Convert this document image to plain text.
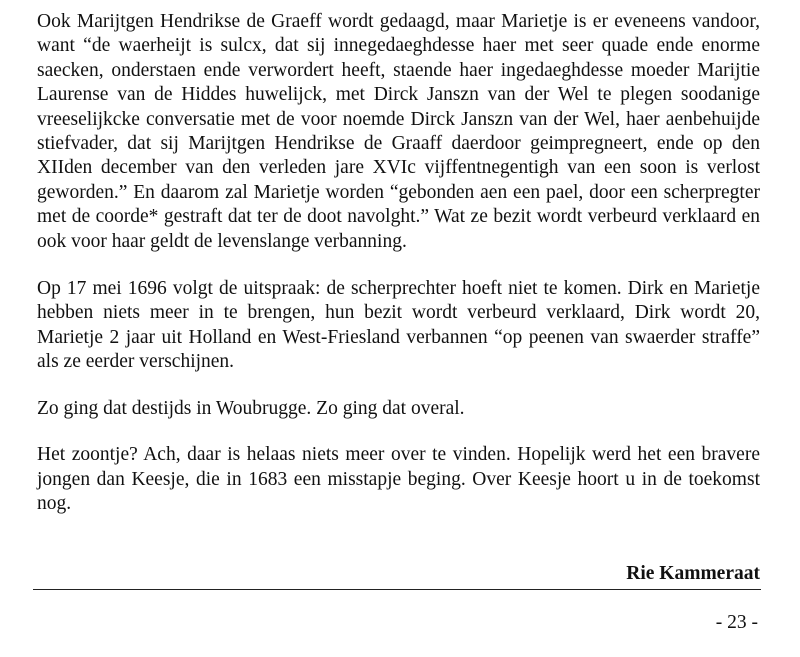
Ook Marijtgen Hendrikse de Graeff wordt gedaagd, maar Marietje is er eveneens vandoor, want “de waerheijt is sulcx, dat sij innegedaeghdesse haer met seer quade ende enorme saecken, onderstaen ende verwordert heeft, staende haer ingedaeghdesse moeder Marijtie Laurense van de Hiddes huwelijck, met Dirck Janszn van der Wel te plegen soodanige vreeselijkcke conversatie met de voor noemde Dirck Janszn van der Wel, haer aenbehuijde stiefvader, dat sij Marijtgen Hendrikse de Graaff daerdoor geimpregneert, ende op den XIIden december van den verleden jare XVIc vijffentnegentigh van een soon is verlost geworden.” En daarom zal Marietje worden “gebonden aen een pael, door een scherpregter met de coorde* gestraft dat ter de doot navolght.” Wat ze bezit wordt verbeurd verklaard en ook voor haar geldt de levenslange verbanning.

Op 17 mei 1696 volgt de uitspraak: de scherprechter hoeft niet te komen. Dirk en Marietje hebben niets meer in te brengen, hun bezit wordt verbeurd verklaard, Dirk wordt 20, Marietje 2 jaar uit Holland en West-Friesland verbannen “op peenen van swaerder straffe” als ze eerder verschijnen.

Zo ging dat destijds in Woubrugge. Zo ging dat overal.

Het zoontje? Ach, daar is helaas niets meer over te vinden. Hopelijk werd het een bravere jongen dan Keesje, die in 1683 een misstapje beging. Over Keesje hoort u in de toekomst nog.

Rie Kammeraat

- 23 -
